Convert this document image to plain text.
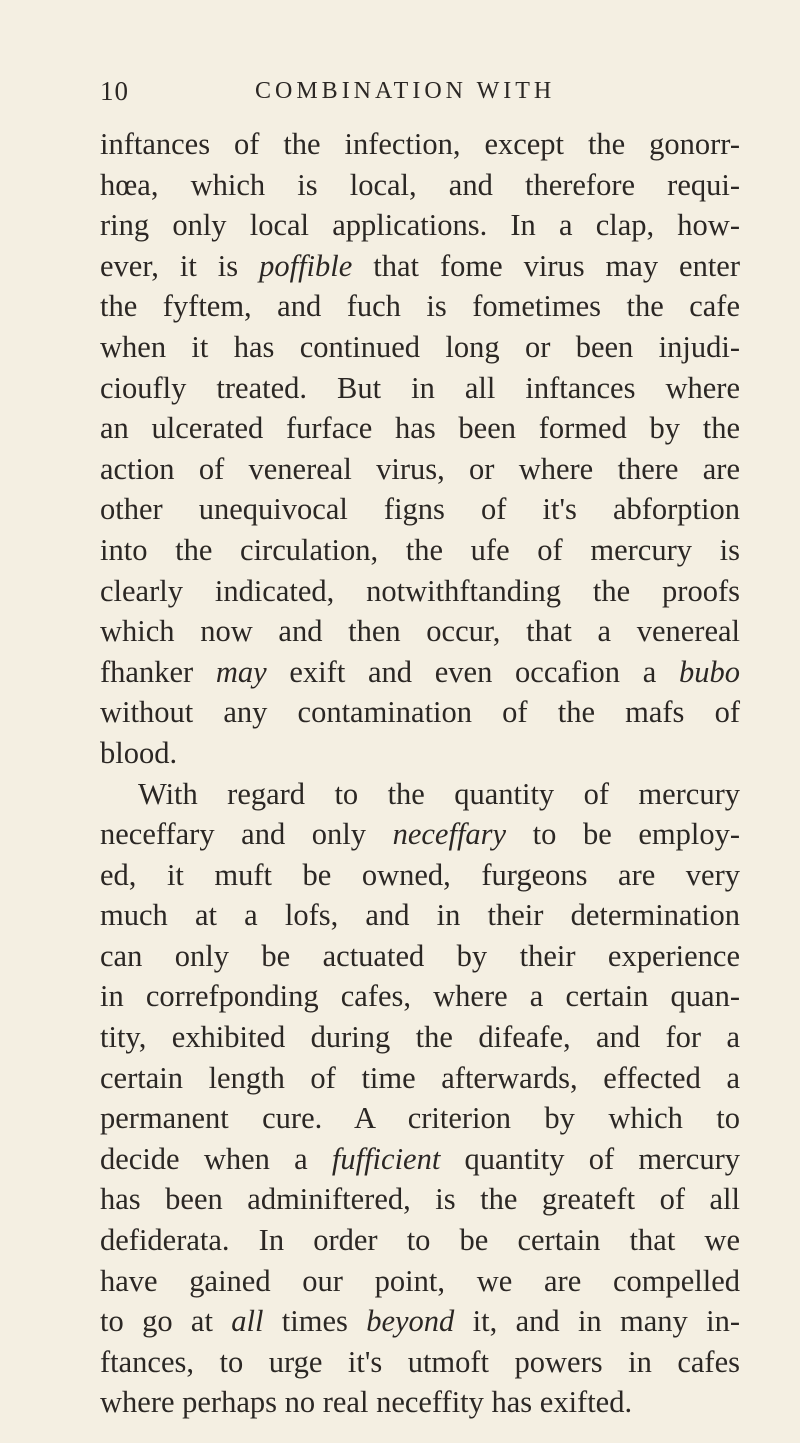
10	COMBINATION WITH
inftances of the infection, except the gonorr-
hœa, which is local, and therefore requi-
ring only local applications. In a clap, how-
ever, it is poffible that fome virus may enter
the fyftem, and fuch is fometimes the cafe
when it has continued long or been injudi-
cioufly treated. But in all inftances where
an ulcerated furface has been formed by the
action of venereal virus, or where there are
other unequivocal figns of it's abforption
into the circulation, the ufe of mercury is
clearly indicated, notwithftanding the proofs
which now and then occur, that a venereal
fhanker may exift and even occafion a bubo
without any contamination of the mafs of
blood.
With regard to the quantity of mercury
neceffary and only neceffary to be employ-
ed, it muft be owned, furgeons are very
much at a lofs, and in their determination
can only be actuated by their experience
in correfponding cafes, where a certain quan-
tity, exhibited during the difeafe, and for a
certain length of time afterwards, effected a
permanent cure. A criterion by which to
decide when a fufficient quantity of mercury
has been adminiftered, is the greateft of all
defiderata. In order to be certain that we
have gained our point, we are compelled
to go at all times beyond it, and in many in-
ftances, to urge it's utmoft powers in cafes
where perhaps no real neceffity has exifted.
